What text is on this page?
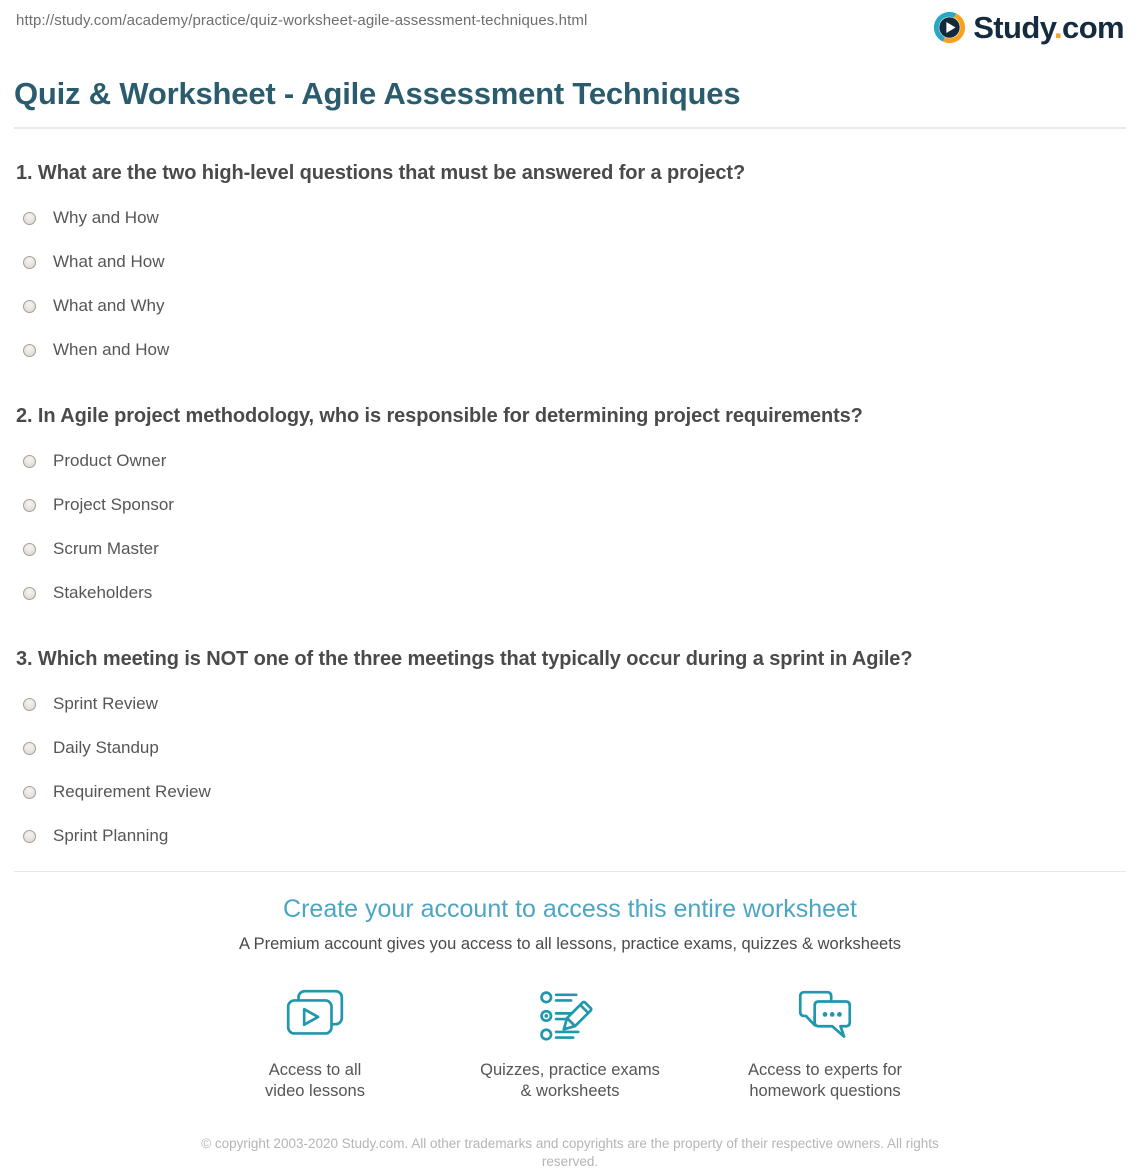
http://study.com/academy/practice/quiz-worksheet-agile-assessment-techniques.html	Study.com
Quiz & Worksheet - Agile Assessment Techniques
1. What are the two high-level questions that must be answered for a project?
Why and How
What and How
What and Why
When and How
2. In Agile project methodology, who is responsible for determining project requirements?
Product Owner
Project Sponsor
Scrum Master
Stakeholders
3. Which meeting is NOT one of the three meetings that typically occur during a sprint in Agile?
Sprint Review
Daily Standup
Requirement Review
Sprint Planning
Create your account to access this entire worksheet
A Premium account gives you access to all lessons, practice exams, quizzes & worksheets
Access to all
video lessons
Quizzes, practice exams
& worksheets
Access to experts for
homework questions
© copyright 2003-2020 Study.com. All other trademarks and copyrights are the property of their respective owners. All rights reserved.
